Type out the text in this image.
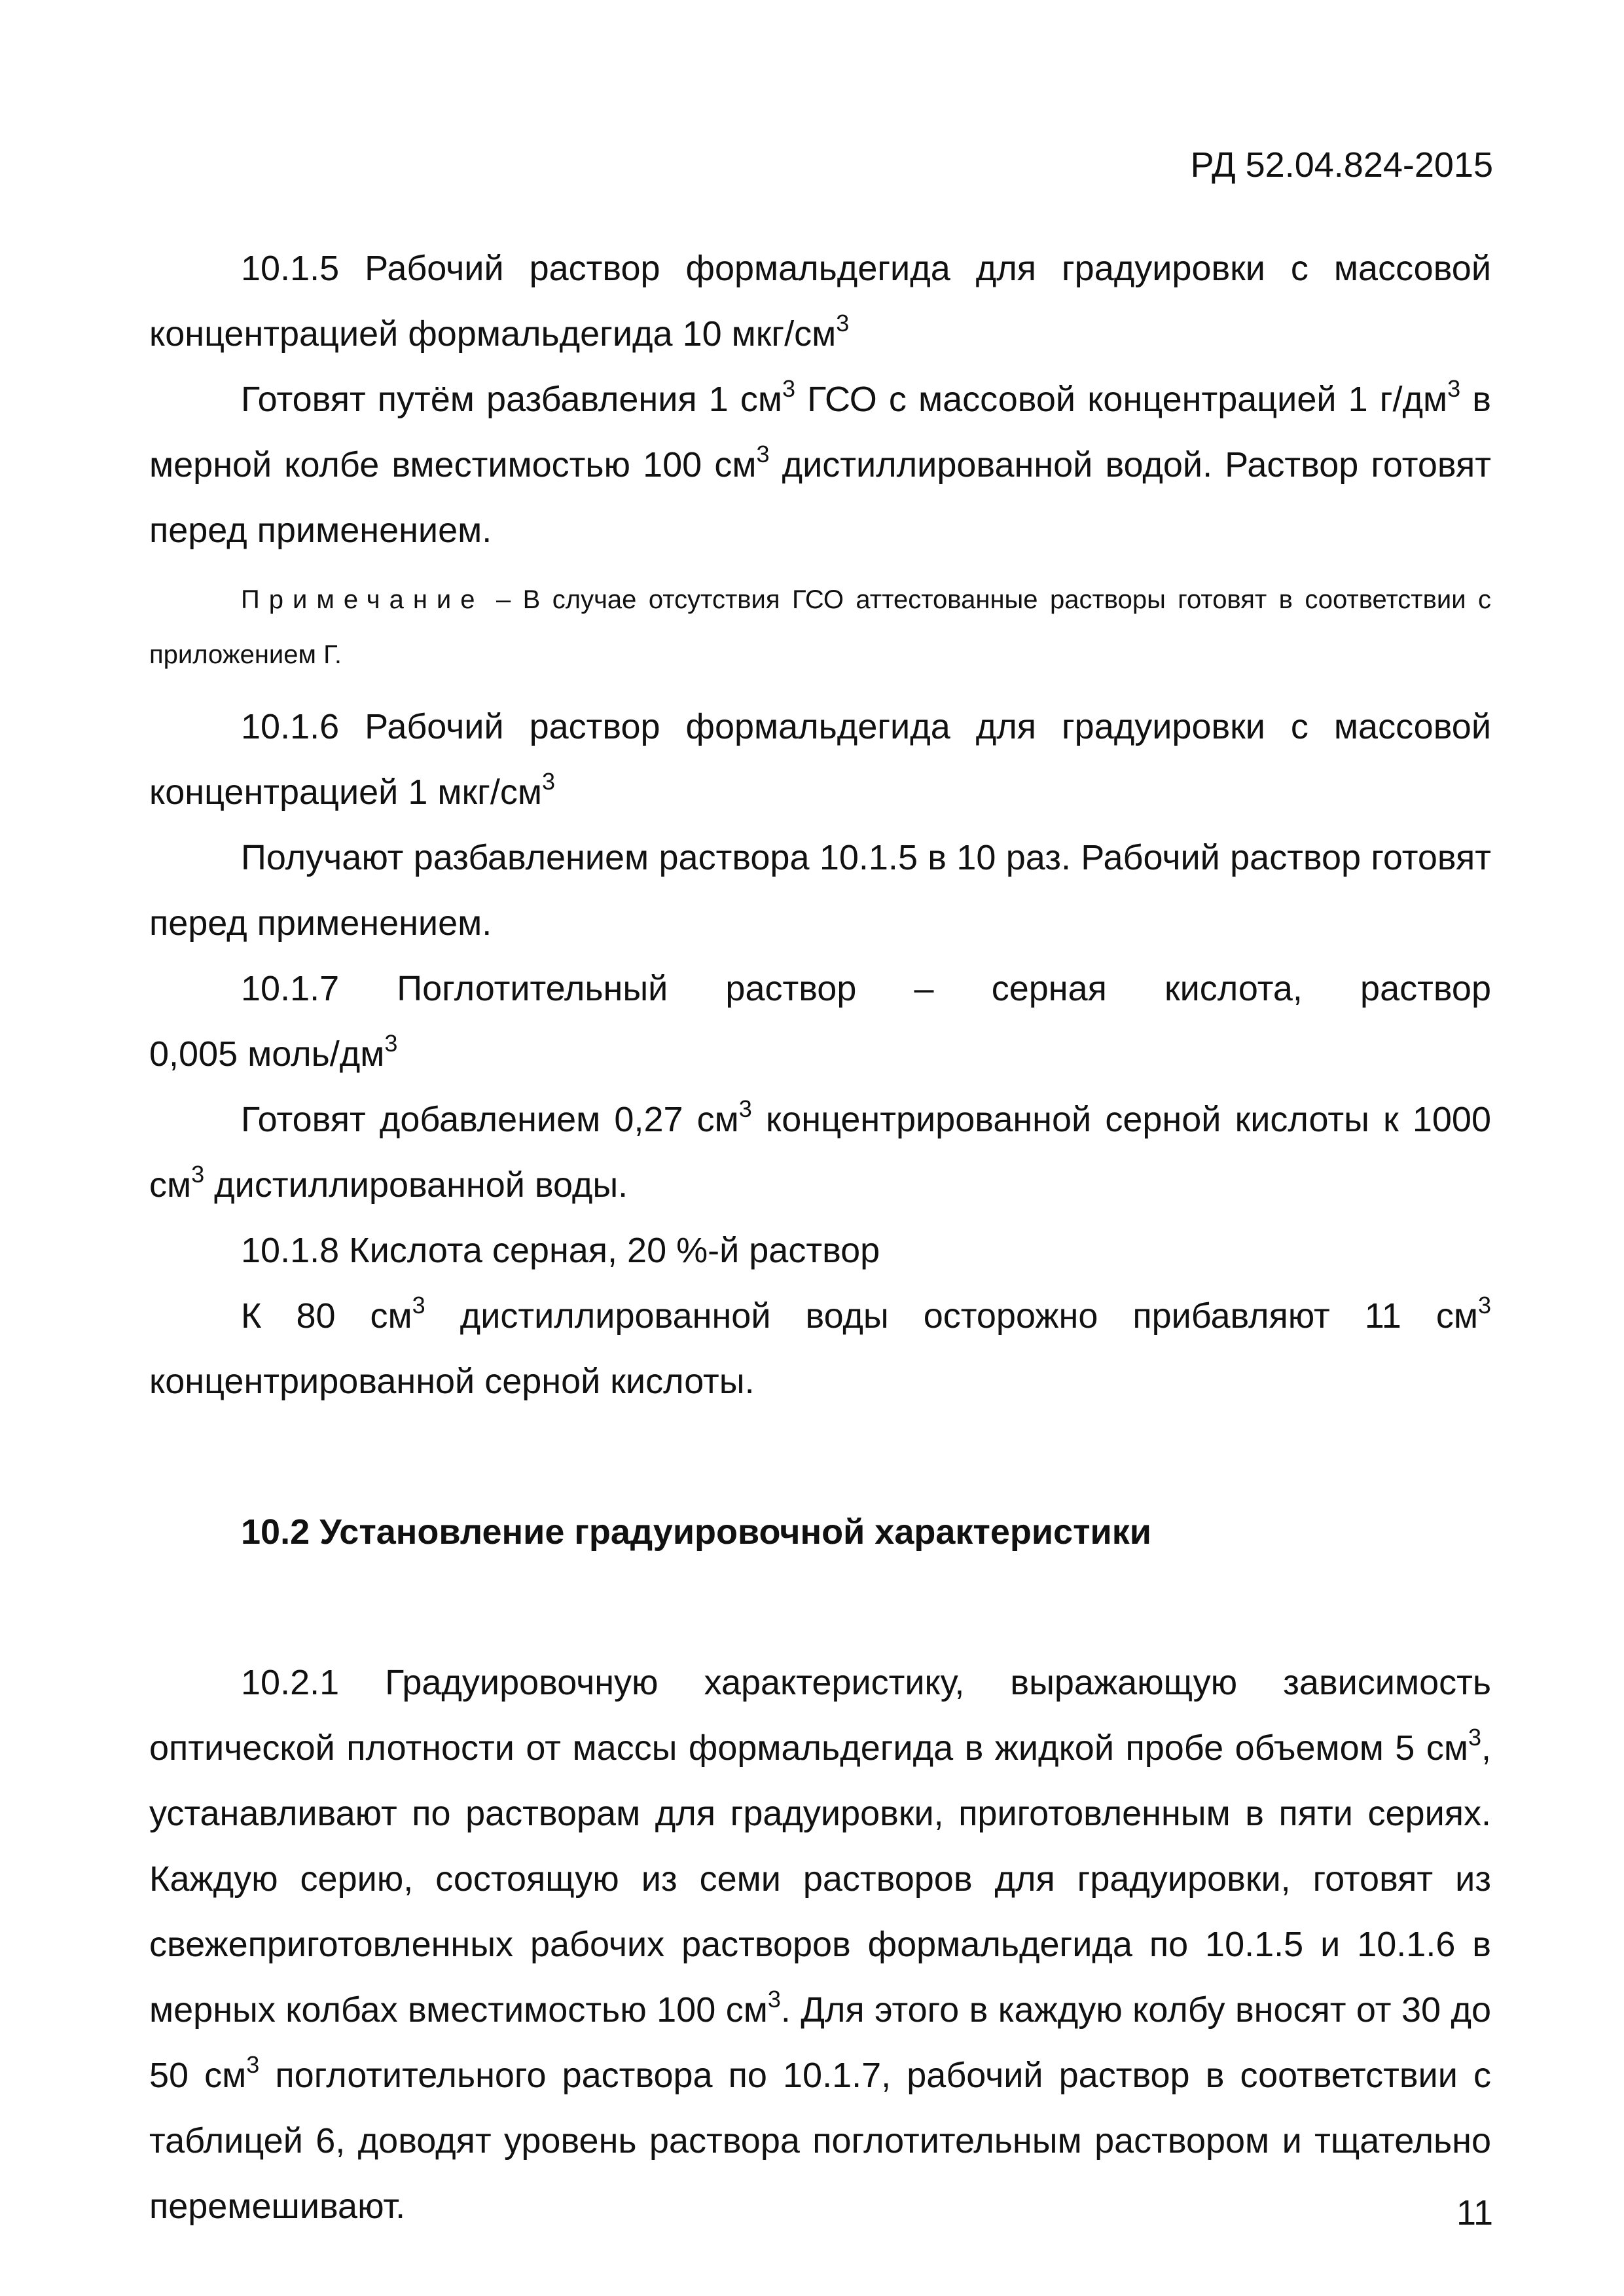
РД 52.04.824-2015

10.1.5 Рабочий раствор формальдегида для градуировки с массовой концентрацией формальдегида 10 мкг/$см^3$

Готовят путём разбавления 1 $см^3$ ГСО с массовой концентрацией 1 $г/дм^3$ в мерной колбе вместимостью 100 $см^3$ дистиллированной водой. Раствор готовят перед применением.

Примечание – В случае отсутствия ГСО аттестованные растворы готовят в соответствии с приложением Г.

10.1.6 Рабочий раствор формальдегида для градуировки с массовой концентрацией 1 мкг/$см^3$

Получают разбавлением раствора 10.1.5 в 10 раз. Рабочий раствор готовят перед применением.

10.1.7 Поглотительный раствор – серная кислота, раствор

0,005 моль/$дм^3$

Готовят добавлением 0,27 $см^3$ концентрированной серной кислоты к 1000 $см^3$ дистиллированной воды.

10.1.8 Кислота серная, 20 %-й раствор

К 80 $см^3$ дистиллированной воды осторожно прибавляют 11 $см^3$ концентрированной серной кислоты.

10.2 Установление градуировочной характеристики

10.2.1 Градуировочную характеристику, выражающую зависимость оптической плотности от массы формальдегида в жидкой пробе объемом 5 $см^3$, устанавливают по растворам для градуировки, приготовленным в пяти сериях. Каждую серию, состоящую из семи растворов для градуировки, готовят из свежеприготовленных рабочих растворов формальдегида по 10.1.5 и 10.1.6 в мерных колбах вместимостью 100 $см^3$. Для этого в каждую колбу вносят от 30 до 50 $см^3$ поглотительного раствора по 10.1.7, рабочий раствор в соответствии с таблицей 6, доводят уровень раствора поглотительным раствором и тщательно перемешивают.	11
